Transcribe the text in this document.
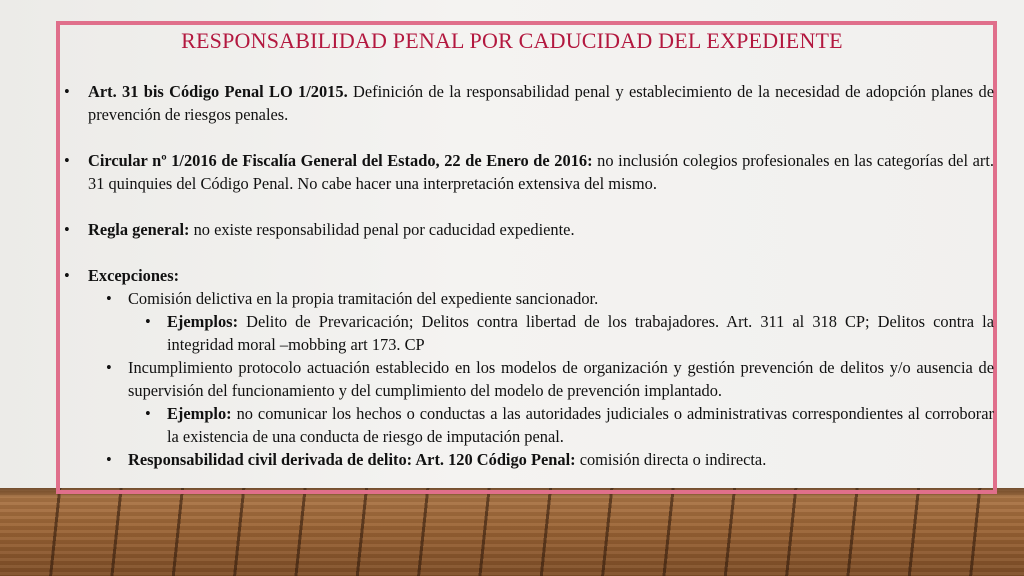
RESPONSABILIDAD PENAL POR CADUCIDAD DEL EXPEDIENTE
• Art. 31 bis Código Penal LO 1/2015. Definición de la responsabilidad penal y establecimiento de la necesidad de adopción planes de prevención de riesgos penales.
• Circular nº 1/2016 de Fiscalía General del Estado, 22 de Enero de 2016: no inclusión colegios profesionales en las categorías del art. 31 quinquies del Código Penal. No cabe hacer una interpretación extensiva del mismo.
• Regla general: no existe responsabilidad penal por caducidad expediente.
• Excepciones:
• Comisión delictiva en la propia tramitación del expediente sancionador.
• Ejemplos: Delito de Prevaricación; Delitos contra libertad de los trabajadores. Art. 311 al 318 CP; Delitos contra la integridad moral –mobbing art 173. CP
• Incumplimiento protocolo actuación establecido en los modelos de organización y gestión prevención de delitos y/o ausencia de supervisión del funcionamiento y del cumplimiento del modelo de prevención implantado.
• Ejemplo: no comunicar los hechos o conductas a las autoridades judiciales o administrativas correspondientes al corroborar la existencia de una conducta de riesgo de imputación penal.
• Responsabilidad civil derivada de delito: Art. 120 Código Penal: comisión directa o indirecta.
